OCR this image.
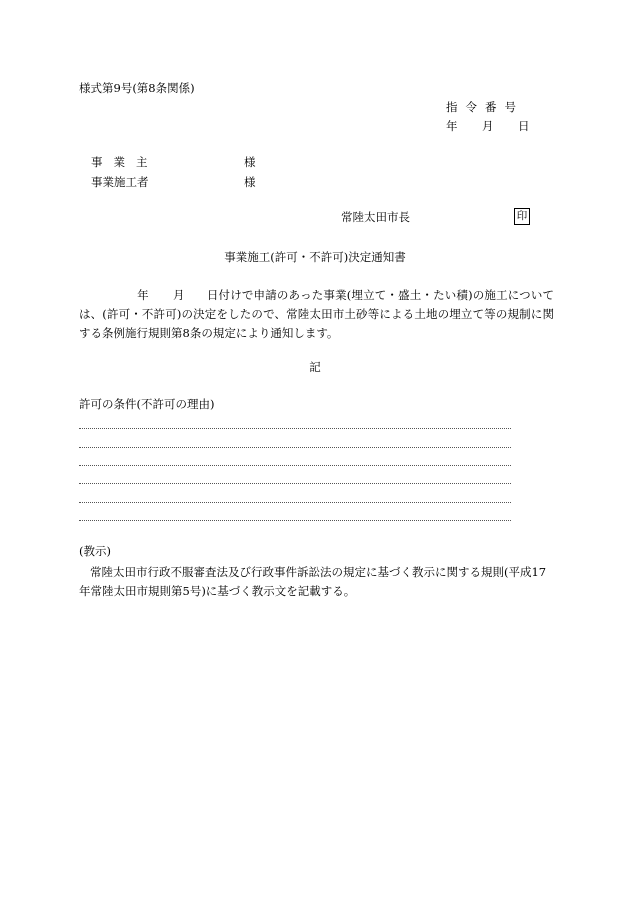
様式第9号(第8条関係)
指令番号
年 月 日
事業主	様
事業施工者	様
常陸太田市長	印
事業施工(許可・不許可)決定通知書
年 月 日付けで申請のあった事業(埋立て・盛土・たい積)の施工については、(許可・不許可)の決定をしたので、常陸太田市土砂等による土地の埋立て等の規制に関する条例施行規則第8条の規定により通知します。
記
許可の条件(不許可の理由)
(教示)
常陸太田市行政不服審査法及び行政事件訴訟法の規定に基づく教示に関する規則(平成17年常陸太田市規則第5号)に基づく教示文を記載する。
